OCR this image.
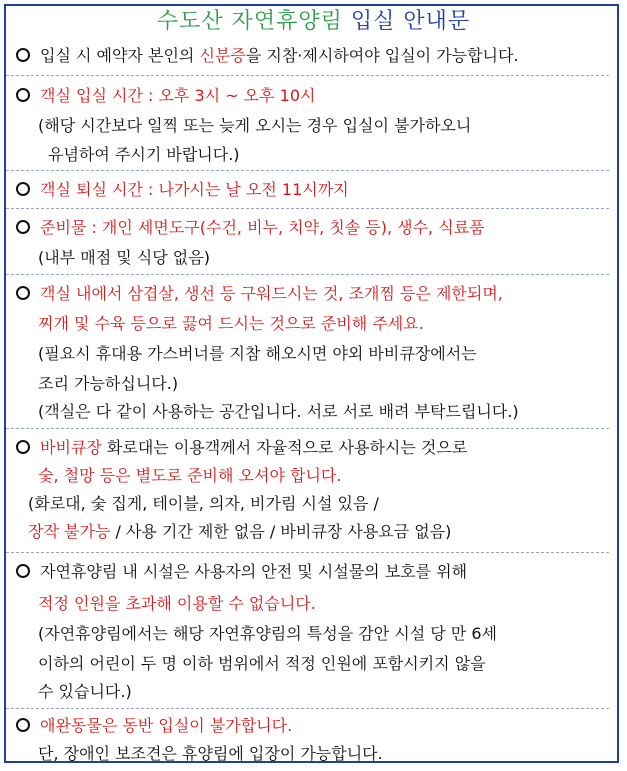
수도산 자연휴양림 입실 안내문
입실 시 예약자 본인의 신분증을 지참·제시하여야 입실이 가능합니다.
객실 입실 시간 : 오후 3시 ~ 오후 10시
(해당 시간보다 일찍 또는 늦게 오시는 경우 입실이 불가하오니
유념하여 주시기 바랍니다.)
객실 퇴실 시간 : 나가시는 날 오전 11시까지
준비물 : 개인 세면도구(수건, 비누, 치약, 칫솔 등), 생수, 식료품
(내부 매점 및 식당 없음)
객실 내에서 삼겹살, 생선 등 구워드시는 것, 조개찜 등은 제한되며,
찌개 및 수육 등으로 끓여 드시는 것으로 준비해 주세요.
(필요시 휴대용 가스버너를 지참 해오시면 야외 바비큐장에서는
조리 가능하십니다.)
(객실은 다 같이 사용하는 공간입니다. 서로 서로 배려 부탁드립니다.)
바비큐장 화로대는 이용객께서 자율적으로 사용하시는 것으로
숯, 철망 등은 별도로 준비해 오셔야 합니다.
(화로대, 숯 집게, 테이블, 의자, 비가림 시설 있음 /
장작 불가능 / 사용 기간 제한 없음 / 바비큐장 사용요금 없음)
자연휴양림 내 시설은 사용자의 안전 및 시설물의 보호를 위해
적정 인원을 초과해 이용할 수 없습니다.
(자연휴양림에서는 해당 자연휴양림의 특성을 감안 시설 당 만 6세
이하의 어린이 두 명 이하 범위에서 적정 인원에 포함시키지 않을
수 있습니다.)
애완동물은 동반 입실이 불가합니다.
단, 장애인 보조견은 휴양림에 입장이 가능합니다.
